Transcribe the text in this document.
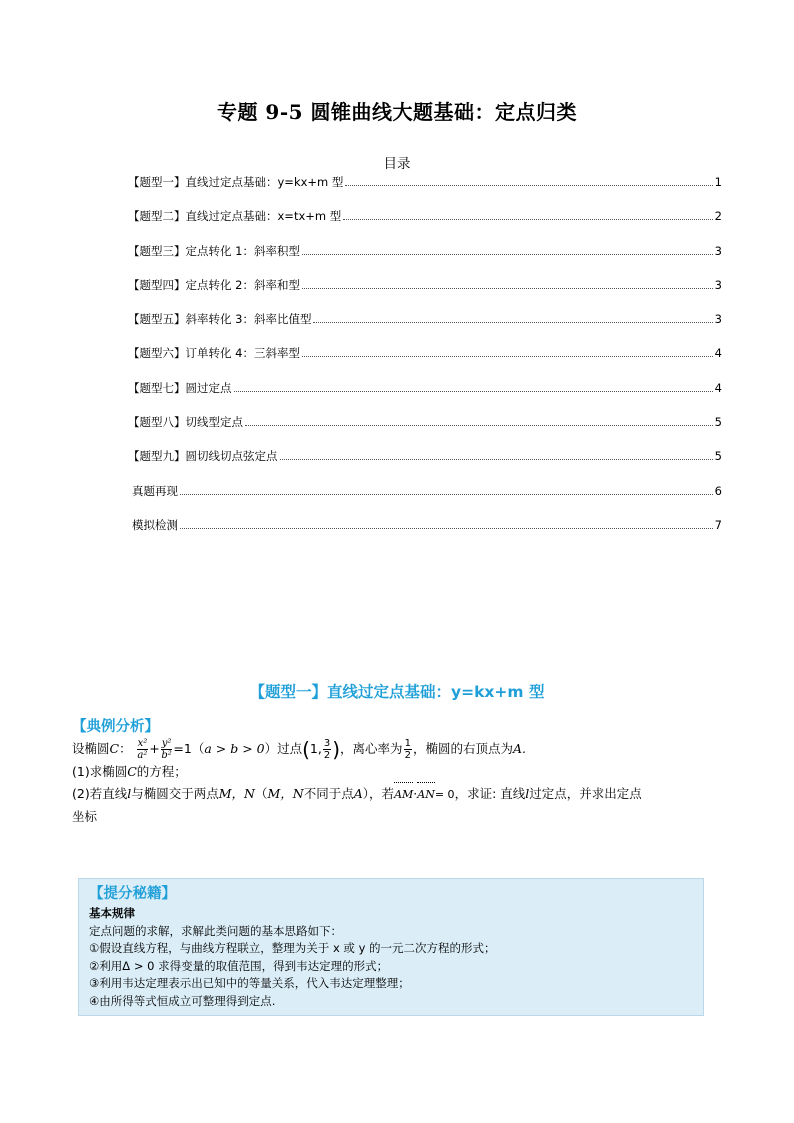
专题 9-5 圆锥曲线大题基础：定点归类
目录
【题型一】直线过定点基础：y=kx+m 型	1
【题型二】直线过定点基础：x=tx+m 型	2
【题型三】定点转化 1：斜率积型	3
【题型四】定点转化 2：斜率和型	3
【题型五】斜率转化 3：斜率比值型	3
【题型六】订单转化 4：三斜率型	4
【题型七】圆过定点	4
【题型八】切线型定点	5
【题型九】圆切线切点弦定点	5
真题再现	6
模拟检测	7
【题型一】直线过定点基础：y=kx+m 型
【典例分析】

设椭圆C： $\frac{\text{x²}}{\text{a²}} + \frac{\text{y²}}{\text{b²}} =1(a > b > 0)$过点(1, $\frac{3}{2}$ )，离心率为 $\frac{1}{2}$ ，椭圆的右顶点为A.

(1)求椭圆C的方程；

(2)若直线l与椭圆交于两点M，N（M，N不同于点A），若AM·AN= 0，求证: 直线l过定点，并求出定点
坐标

【提分秘籍】

基本规律

定点问题的求解，求解此类问题的基本思路如下：

①假设直线方程，与曲线方程联立，整理为关于 x 或 y 的一元二次方程的形式；

②利用Δ > 0 求得变量的取值范围，得到韦达定理的形式；

③利用韦达定理表示出已知中的等量关系，代入韦达定理整理；

④由所得等式恒成立可整理得到定点.
